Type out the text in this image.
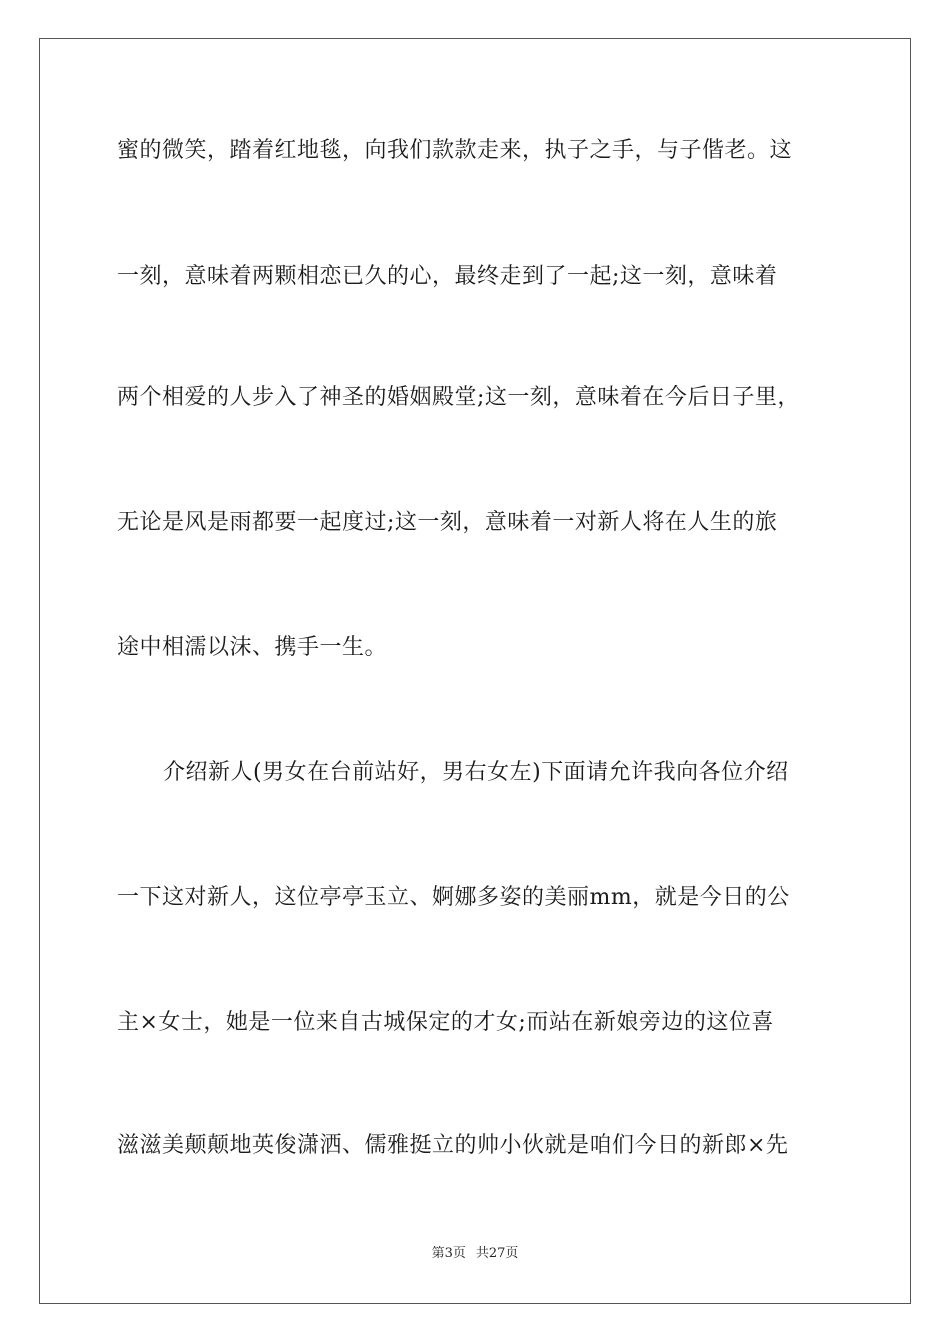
蜜的微笑，踏着红地毯，向我们款款走来，执子之手，与子偕老。这
一刻，意味着两颗相恋已久的心，最终走到了一起;这一刻，意味着
两个相爱的人步入了神圣的婚姻殿堂;这一刻，意味着在今后日子里，
无论是风是雨都要一起度过;这一刻，意味着一对新人将在人生的旅
途中相濡以沫、携手一生。
介绍新人(男女在台前站好，男右女左)下面请允许我向各位介绍
一下这对新人，这位亭亭玉立、婀娜多姿的美丽mm，就是今日的公
主×女士，她是一位来自古城保定的才女;而站在新娘旁边的这位喜
滋滋美颠颠地英俊潇洒、儒雅挺立的帅小伙就是咱们今日的新郎×先
第3页 共27页
